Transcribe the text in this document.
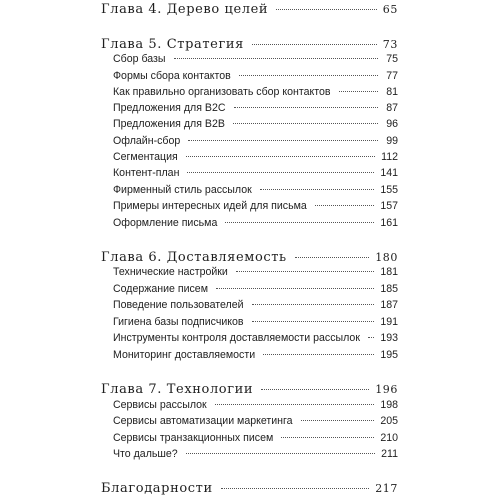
Глава 4. Дерево целей	65
Глава 5. Стратегия	73
Сбор базы	75
Формы сбора контактов	77
Как правильно организовать сбор контактов	81
Предложения для B2C	87
Предложения для B2B	96
Офлайн-сбор	99
Сегментация	112
Контент-план	141
Фирменный стиль рассылок	155
Примеры интересных идей для письма	157
Оформление письма	161
Глава 6. Доставляемость	180
Технические настройки	181
Содержание писем	185
Поведение пользователей	187
Гигиена базы подписчиков	191
Инструменты контроля доставляемости рассылок 193
Мониторинг доставляемости	195
Глава 7. Технологии	196
Сервисы рассылок	198
Сервисы автоматизации маркетинга	205
Сервисы транзакционных писем	210
Что дальше?	211
Благодарности	217
